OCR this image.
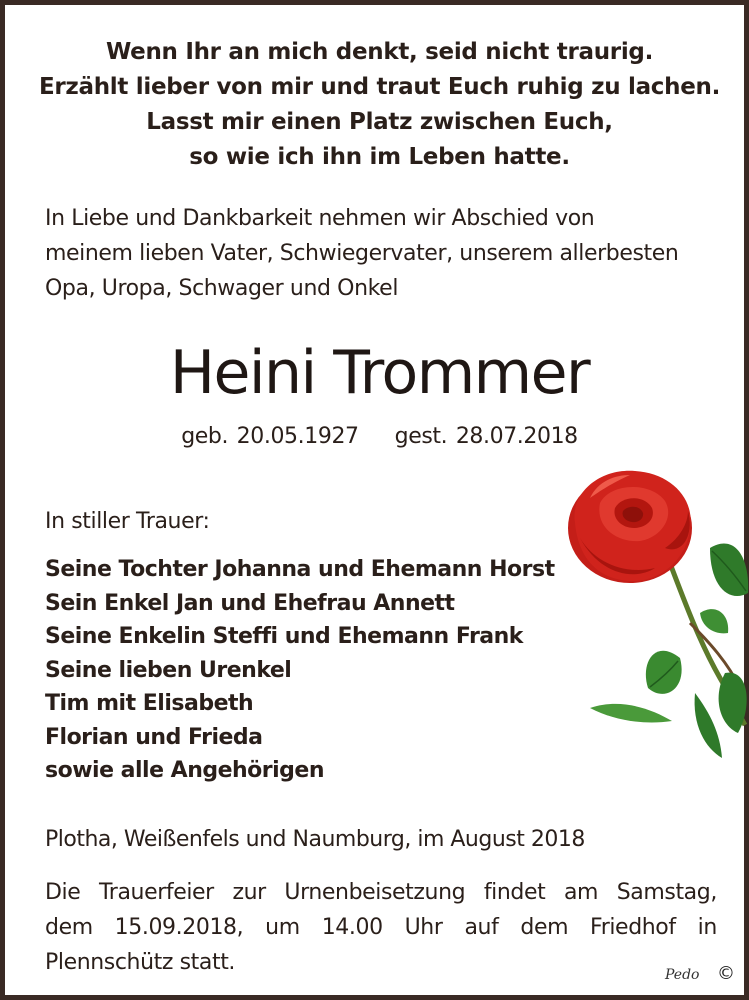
Wenn Ihr an mich denkt, seid nicht traurig.
Erzählt lieber von mir und traut Euch ruhig zu lachen.
Lasst mir einen Platz zwischen Euch,
so wie ich ihn im Leben hatte.
In Liebe und Dankbarkeit nehmen wir Abschied von
meinem lieben Vater, Schwiegervater, unserem allerbesten
Opa, Uropa, Schwager und Onkel
Heini Trommer
geb. 20.05.1927 gest. 28.07.2018
In stiller Trauer:
Seine Tochter Johanna und Ehemann Horst
Sein Enkel Jan und Ehefrau Annett
Seine Enkelin Steffi und Ehemann Frank
Seine lieben Urenkel
Tim mit Elisabeth
Florian und Frieda
sowie alle Angehörigen
Plotha, Weißenfels und Naumburg, im August 2018
Die Trauerfeier zur Urnenbeisetzung findet am Samstag,
dem 15.09.2018, um 14.00 Uhr auf dem Friedhof in
Plennschütz statt.	Pedo ©
